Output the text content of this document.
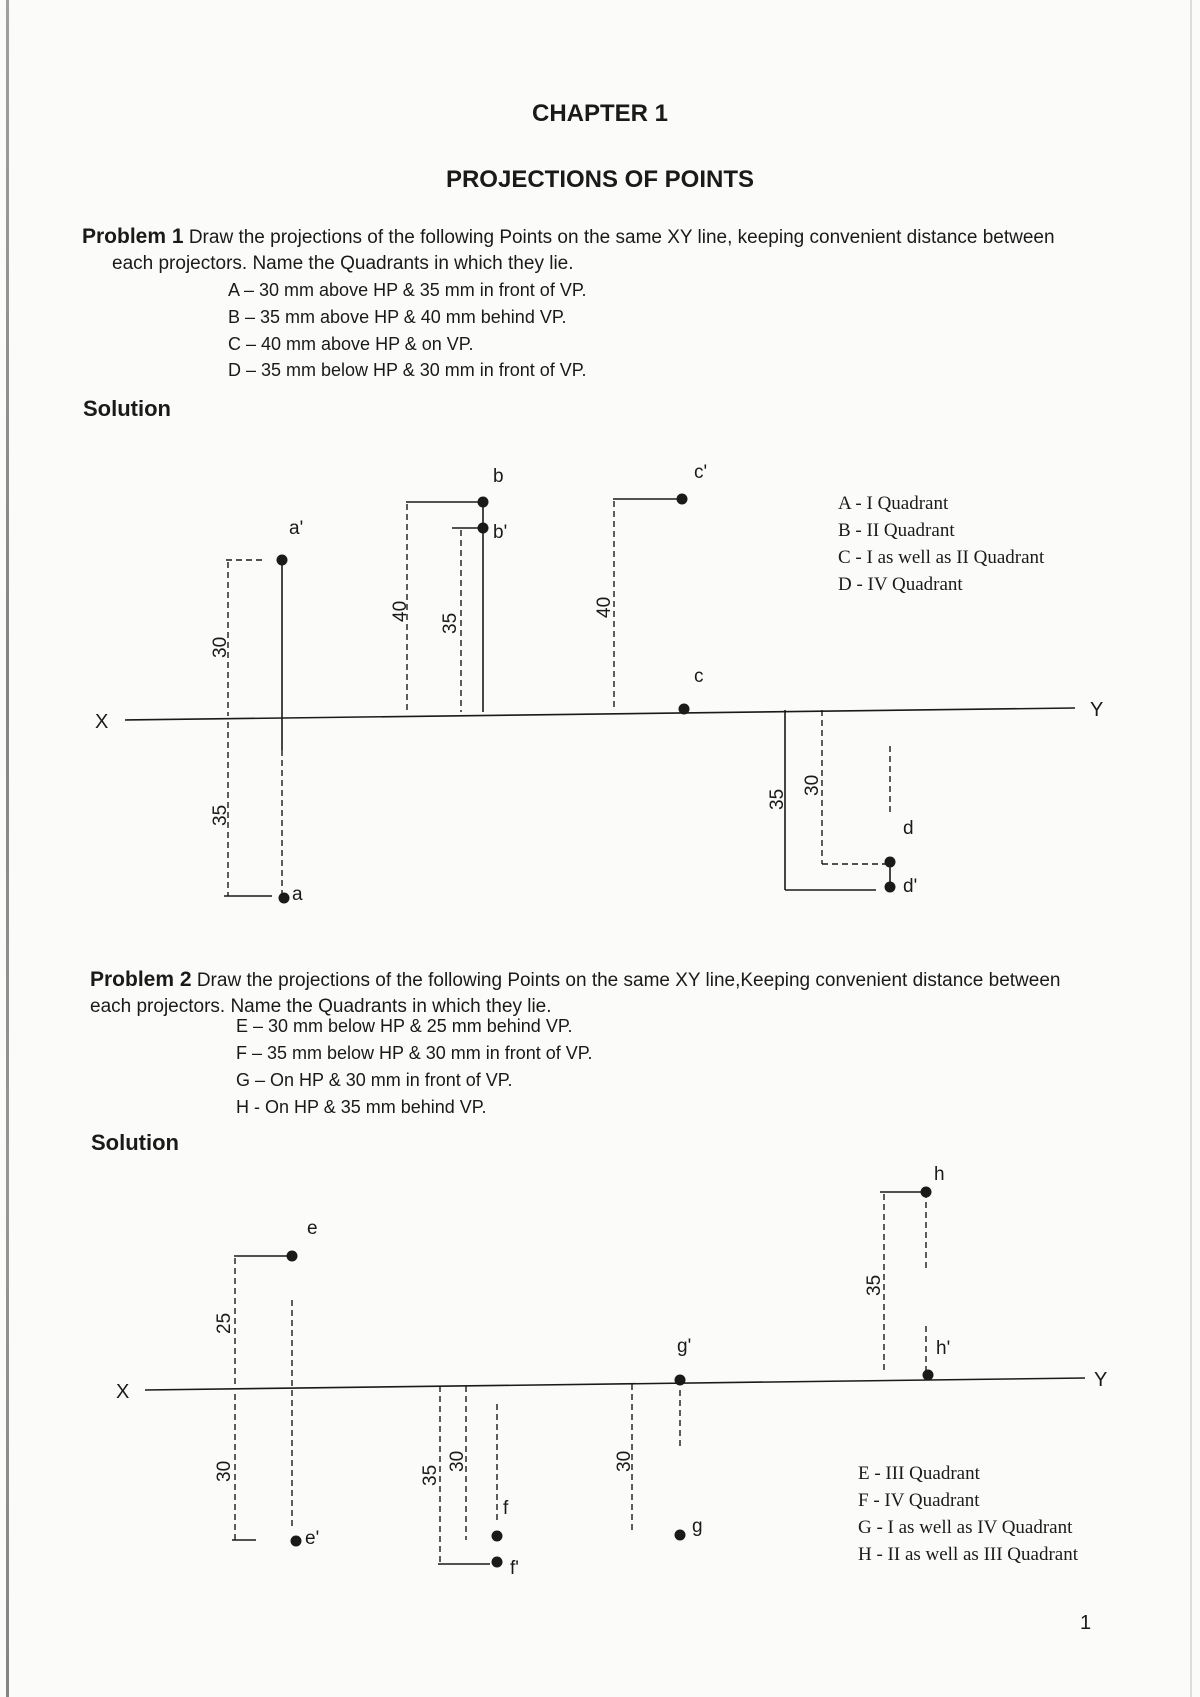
CHAPTER 1
PROJECTIONS OF POINTS
Problem 1 Draw the projections of the following Points on the same XY line, keeping convenient distance between
each projectors. Name the Quadrants in which they lie.
A – 30 mm above HP & 35 mm in front of VP.
B – 35 mm above HP & 40 mm behind VP.
C – 40 mm above HP & on VP.
D – 35 mm below HP & 30 mm in front of VP.
Solution
A - I Quadrant
B - II Quadrant
C - I as well as II Quadrant
D - IV Quadrant
Problem 2 Draw the projections of the following Points on the same XY line,Keeping convenient distance between
each projectors. Name the Quadrants in which they lie.
E – 30 mm below HP & 25 mm behind VP.
F – 35 mm below HP & 30 mm in front of VP.
G – On HP & 30 mm in front of VP.
H - On HP & 35 mm behind VP.
Solution
E - III Quadrant
F - IV Quadrant
G - I as well as IV Quadrant
H - II as well as III Quadrant
1
X
Y
a'
a
30
35
b
b'
40
35
c'
c
40
d
d'
35
30
X
Y
e
e'
25
30
f
f'
35
30
g'
g
30
h
h'
35
